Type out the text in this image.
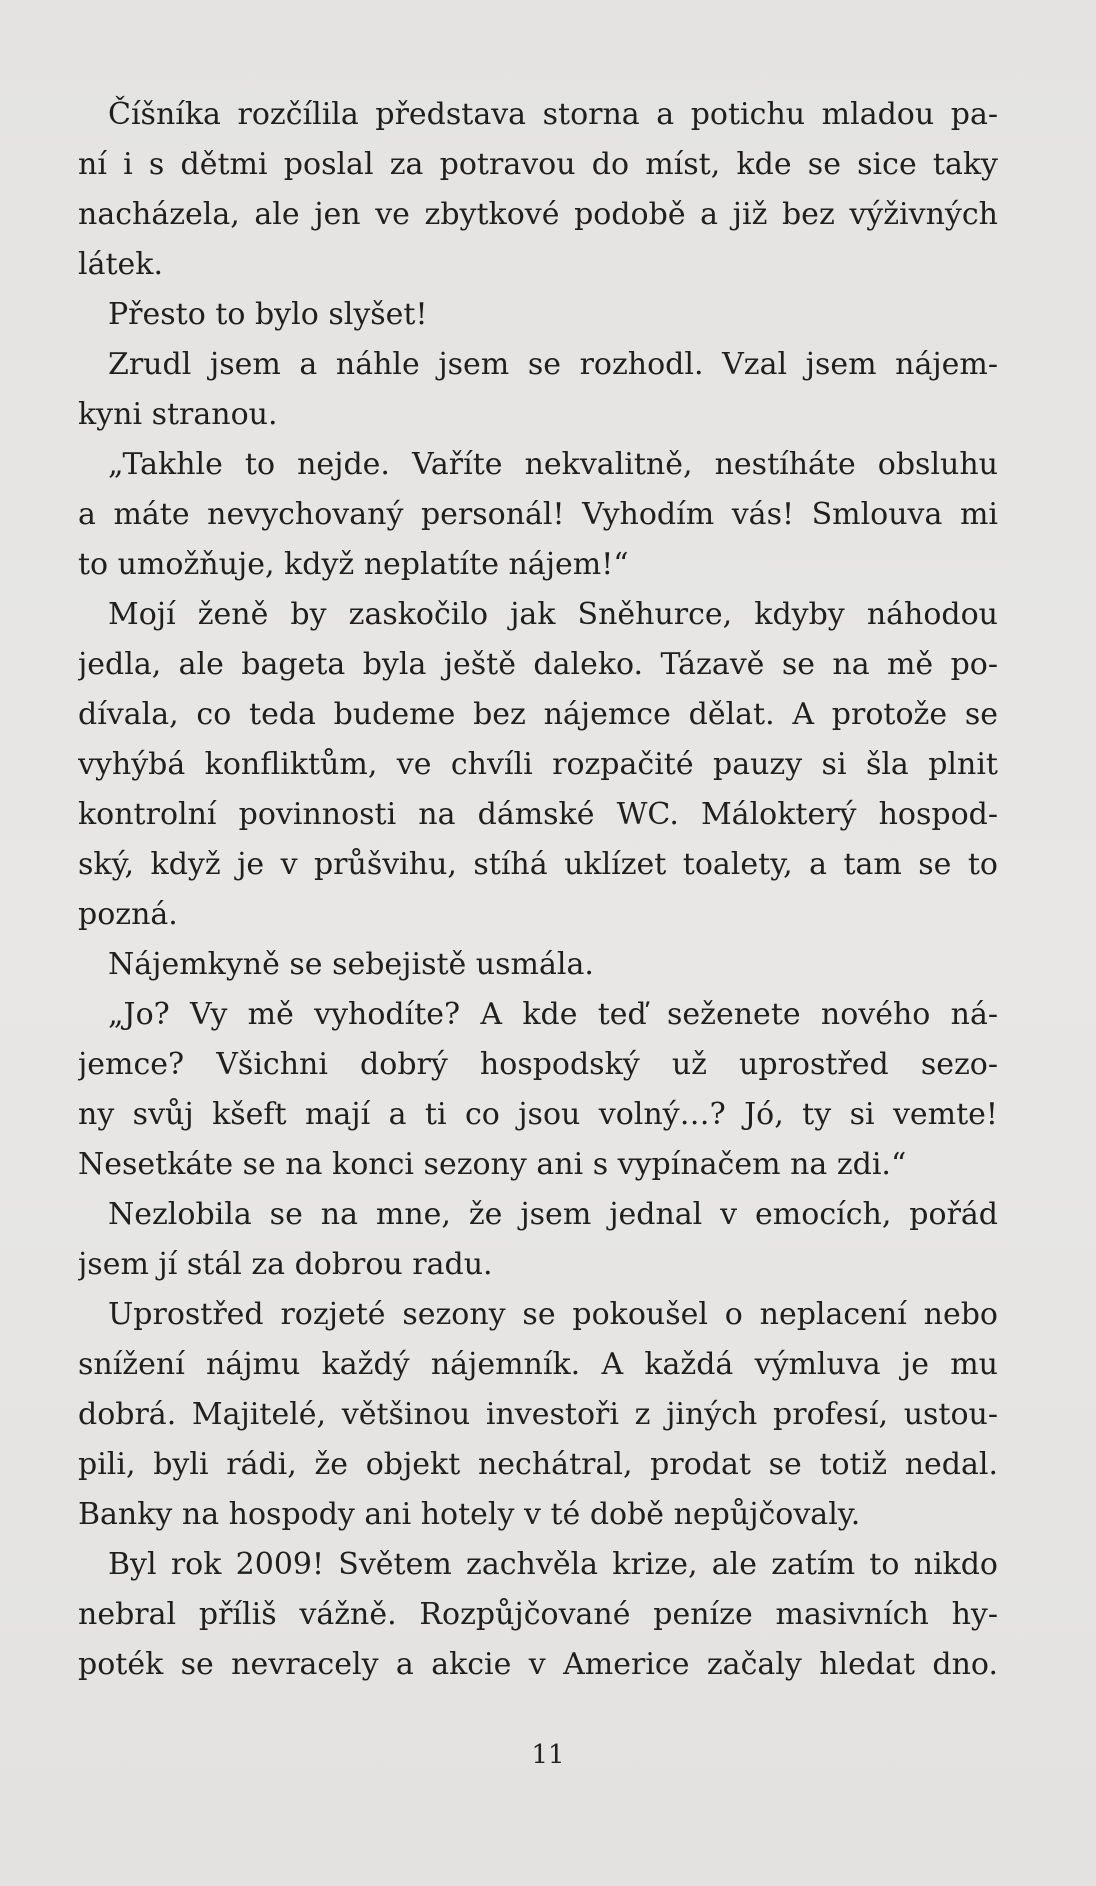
Číšníka rozčílila představa storna a potichu mladou pa-
ní i s dětmi poslal za potravou do míst, kde se sice taky
nacházela, ale jen ve zbytkové podobě a již bez výživných
látek.
Přesto to bylo slyšet!
Zrudl jsem a náhle jsem se rozhodl. Vzal jsem nájem-
kyni stranou.
„Takhle to nejde. Vaříte nekvalitně, nestíháte obsluhu
a máte nevychovaný personál! Vyhodím vás! Smlouva mi
to umožňuje, když neplatíte nájem!“
Mojí ženě by zaskočilo jak Sněhurce, kdyby náhodou
jedla, ale bageta byla ještě daleko. Tázavě se na mě po-
dívala, co teda budeme bez nájemce dělat. A protože se
vyhýbá konfliktům, ve chvíli rozpačité pauzy si šla plnit
kontrolní povinnosti na dámské WC. Málokterý hospod-
ský, když je v průšvihu, stíhá uklízet toalety, a tam se to
pozná.
Nájemkyně se sebejistě usmála.
„Jo? Vy mě vyhodíte? A kde teď seženete nového ná-
jemce? Všichni dobrý hospodský už uprostřed sezo-
ny svůj kšeft mají a ti co jsou volný…? Jó, ty si vemte!
Nesetkáte se na konci sezony ani s vypínačem na zdi.“
Nezlobila se na mne, že jsem jednal v emocích, pořád
jsem jí stál za dobrou radu.
Uprostřed rozjeté sezony se pokoušel o neplacení nebo
snížení nájmu každý nájemník. A každá výmluva je mu
dobrá. Majitelé, většinou investoři z jiných profesí, ustou-
pili, byli rádi, že objekt nechátral, prodat se totiž nedal.
Banky na hospody ani hotely v té době nepůjčovaly.
Byl rok 2009! Světem zachvěla krize, ale zatím to nikdo
nebral příliš vážně. Rozpůjčované peníze masivních hy-
poték se nevracely a akcie v Americe začaly hledat dno.
11
